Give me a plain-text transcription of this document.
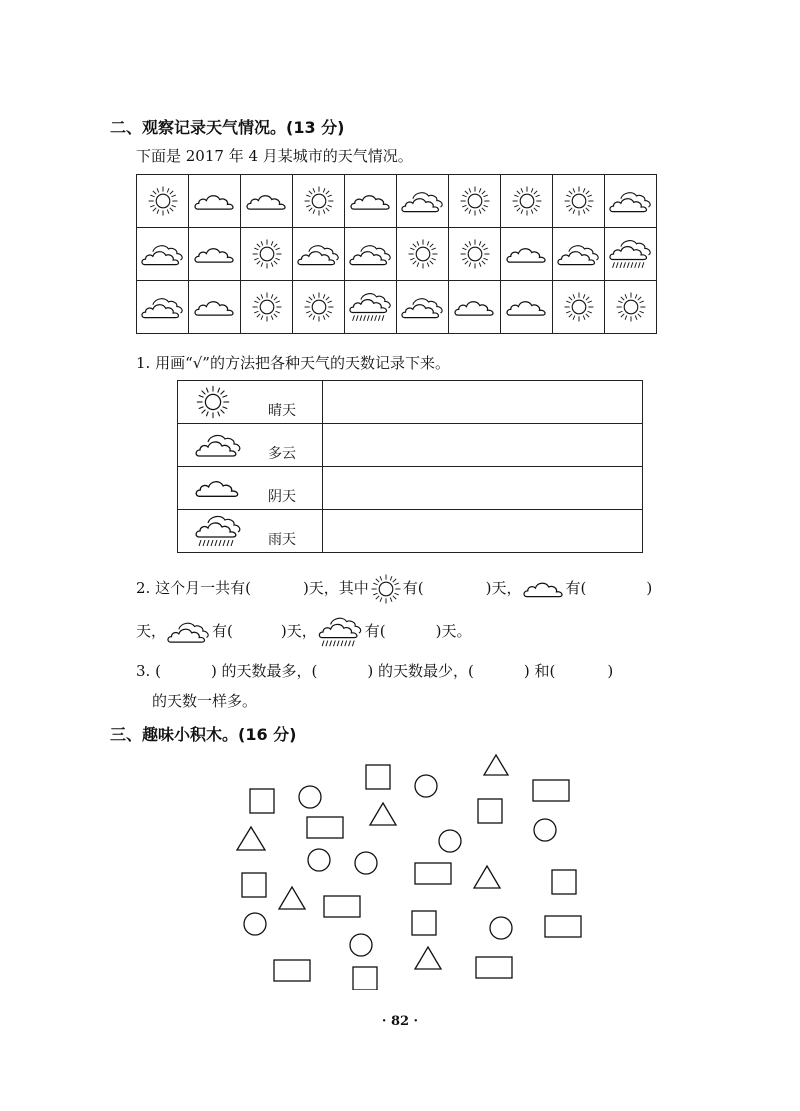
二、观察记录天气情况。(13 分)
下面是 2017 年 4 月某城市的天气情况。

1. 用画“√”的方法把各种天气的天数记录下来。
晴天	

多云	

阴天	

雨天	

2. 这个月一共有(	)天，其中 有(	)天，	有(	)
天，	有(	)天，	有(	)天。
3. (	) 的天数最多，(	) 的天数最少，(	) 和(	)
的天数一样多。
三、趣味小积木。(16 分)
· 82 ·
